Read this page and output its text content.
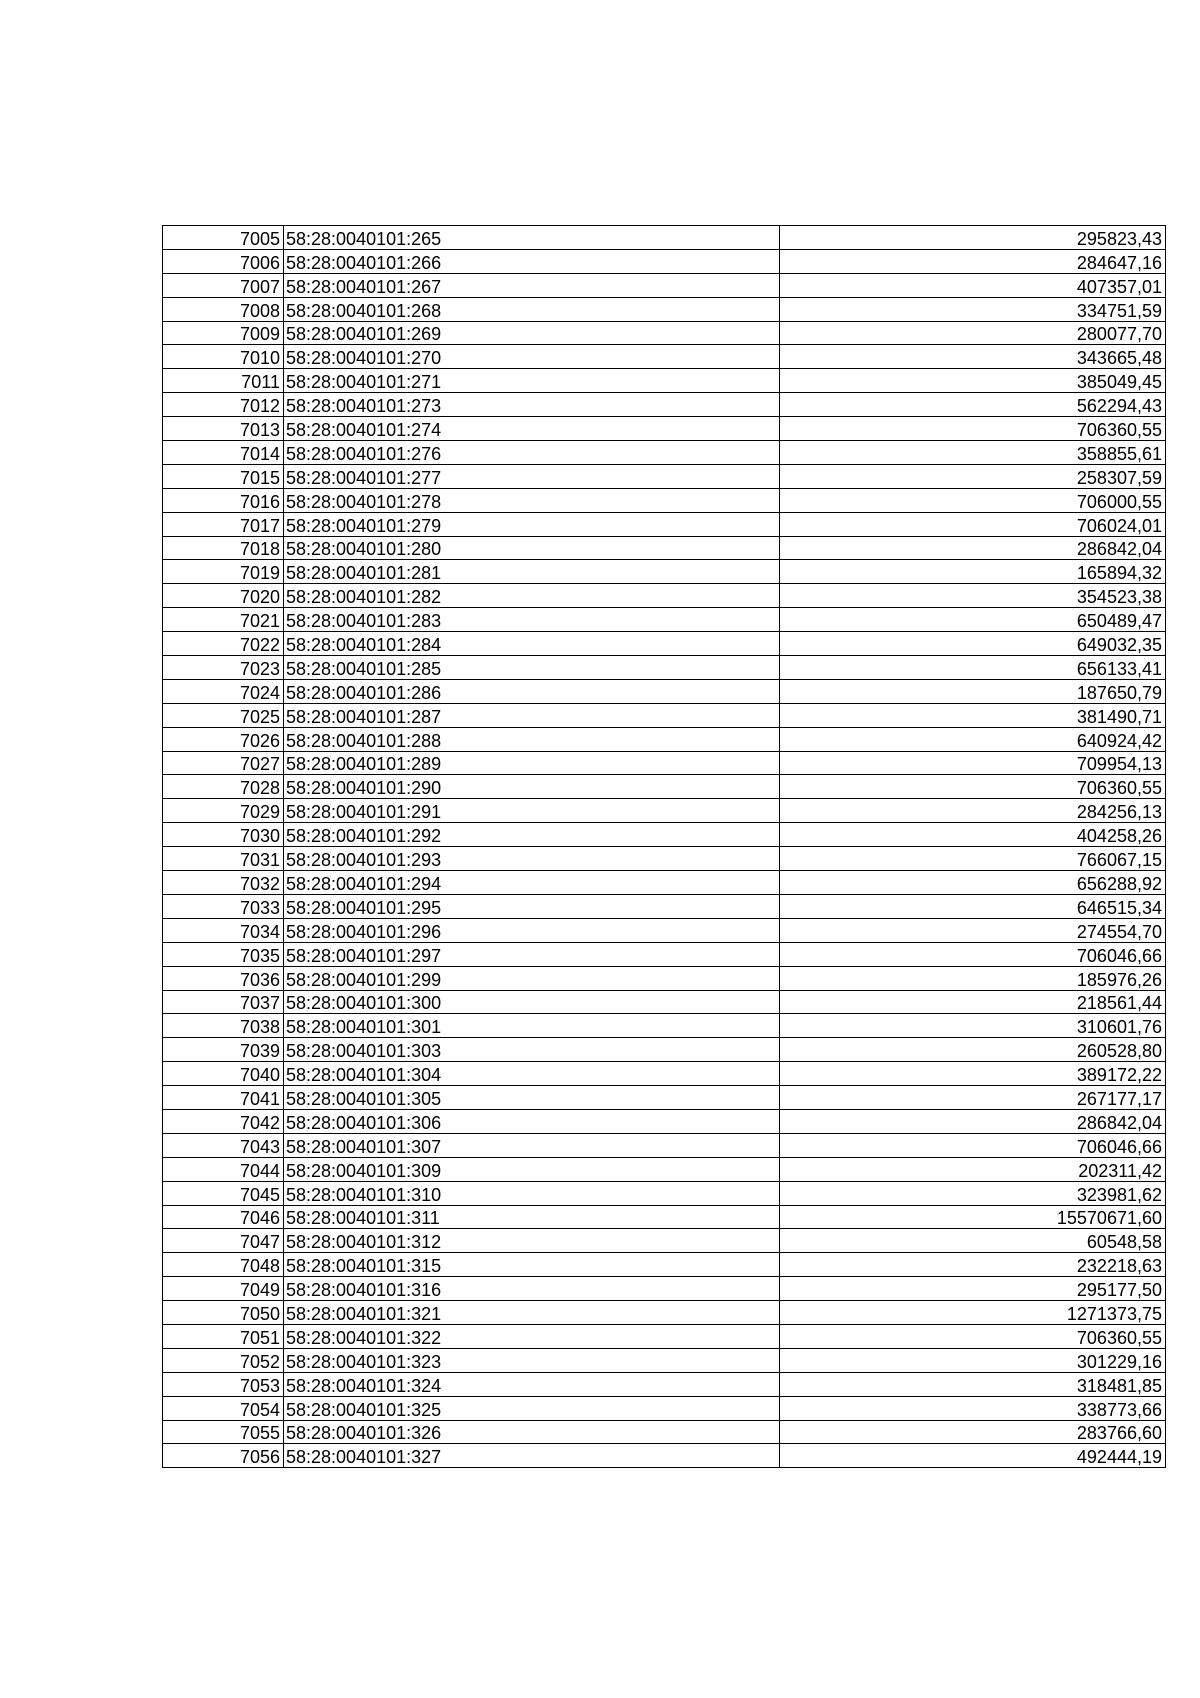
7005	58:28:0040101:265	295823,43
7006	58:28:0040101:266	284647,16
7007	58:28:0040101:267	407357,01
7008	58:28:0040101:268	334751,59
7009	58:28:0040101:269	280077,70
7010	58:28:0040101:270	343665,48
7011	58:28:0040101:271	385049,45
7012	58:28:0040101:273	562294,43
7013	58:28:0040101:274	706360,55
7014	58:28:0040101:276	358855,61
7015	58:28:0040101:277	258307,59
7016	58:28:0040101:278	706000,55
7017	58:28:0040101:279	706024,01
7018	58:28:0040101:280	286842,04
7019	58:28:0040101:281	165894,32
7020	58:28:0040101:282	354523,38
7021	58:28:0040101:283	650489,47
7022	58:28:0040101:284	649032,35
7023	58:28:0040101:285	656133,41
7024	58:28:0040101:286	187650,79
7025	58:28:0040101:287	381490,71
7026	58:28:0040101:288	640924,42
7027	58:28:0040101:289	709954,13
7028	58:28:0040101:290	706360,55
7029	58:28:0040101:291	284256,13
7030	58:28:0040101:292	404258,26
7031	58:28:0040101:293	766067,15
7032	58:28:0040101:294	656288,92
7033	58:28:0040101:295	646515,34
7034	58:28:0040101:296	274554,70
7035	58:28:0040101:297	706046,66
7036	58:28:0040101:299	185976,26
7037	58:28:0040101:300	218561,44
7038	58:28:0040101:301	310601,76
7039	58:28:0040101:303	260528,80
7040	58:28:0040101:304	389172,22
7041	58:28:0040101:305	267177,17
7042	58:28:0040101:306	286842,04
7043	58:28:0040101:307	706046,66
7044	58:28:0040101:309	202311,42
7045	58:28:0040101:310	323981,62
7046	58:28:0040101:311	15570671,60
7047	58:28:0040101:312	60548,58
7048	58:28:0040101:315	232218,63
7049	58:28:0040101:316	295177,50
7050	58:28:0040101:321	1271373,75
7051	58:28:0040101:322	706360,55
7052	58:28:0040101:323	301229,16
7053	58:28:0040101:324	318481,85
7054	58:28:0040101:325	338773,66
7055	58:28:0040101:326	283766,60
7056	58:28:0040101:327	492444,19
